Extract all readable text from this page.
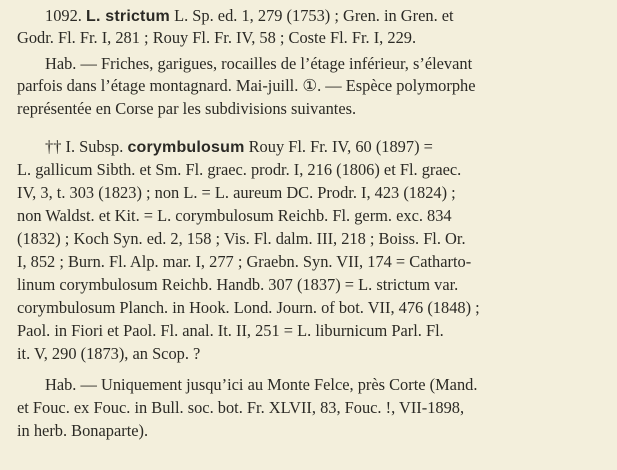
1092. L. strictum L. Sp. ed. 1, 279 (1753) ; Gren. in Gren. et
Godr. Fl. Fr. I, 281 ; Rouy Fl. Fr. IV, 58 ; Coste Fl. Fr. I, 229.
Hab. — Friches, garigues, rocailles de l’étage inférieur, s’élevant
parfois dans l’étage montagnard. Mai-juill. ①. — Espèce polymorphe
représentée en Corse par les subdivisions suivantes.
†† I. Subsp. corymbulosum Rouy Fl. Fr. IV, 60 (1897) =
L. gallicum Sibth. et Sm. Fl. graec. prodr. I, 216 (1806) et Fl. graec.
IV, 3, t. 303 (1823) ; non L. = L. aureum DC. Prodr. I, 423 (1824) ;
non Waldst. et Kit. = L. corymbulosum Reichb. Fl. germ. exc. 834
(1832) ; Koch Syn. ed. 2, 158 ; Vis. Fl. dalm. III, 218 ; Boiss. Fl. Or.
I, 852 ; Burn. Fl. Alp. mar. I, 277 ; Graebn. Syn. VII, 174 = Catharto-
linum corymbulosum Reichb. Handb. 307 (1837) = L. strictum var.
corymbulosum Planch. in Hook. Lond. Journ. of bot. VII, 476 (1848) ;
Paol. in Fiori et Paol. Fl. anal. It. II, 251 = L. liburnicum Parl. Fl.
it. V, 290 (1873), an Scop. ?
Hab. — Uniquement jusqu’ici au Monte Felce, près Corte (Mand.
et Fouc. ex Fouc. in Bull. soc. bot. Fr. XLVII, 83, Fouc. !, VII-1898,
in herb. Bonaparte).
